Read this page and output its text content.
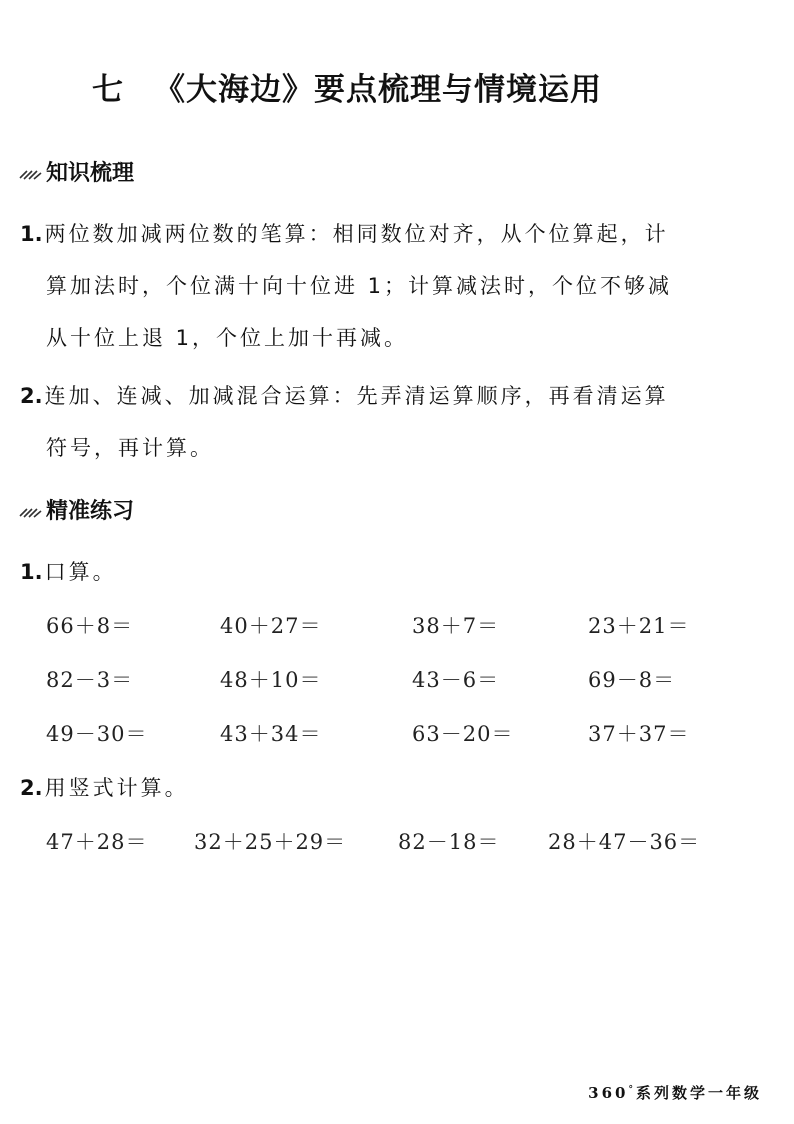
七 《大海边》要点梳理与情境运用
知识梳理
1.两位数加减两位数的笔算：相同数位对齐，从个位算起，计
算加法时，个位满十向十位进 1；计算减法时，个位不够减
从十位上退 1，个位上加十再减。
2.连加、连减、加减混合运算：先弄清运算顺序，再看清运算
符号，再计算。
精准练习
1.口算。
66＋8＝	40＋27＝	38＋7＝	23＋21＝
82－3＝	48＋10＝	43－6＝	69－8＝
49－30＝	43＋34＝	63－20＝	37＋37＝
2.用竖式计算。
47＋28＝ 32＋25＋29＝ 82－18＝ 28＋47－36＝
360°系列数学一年级
